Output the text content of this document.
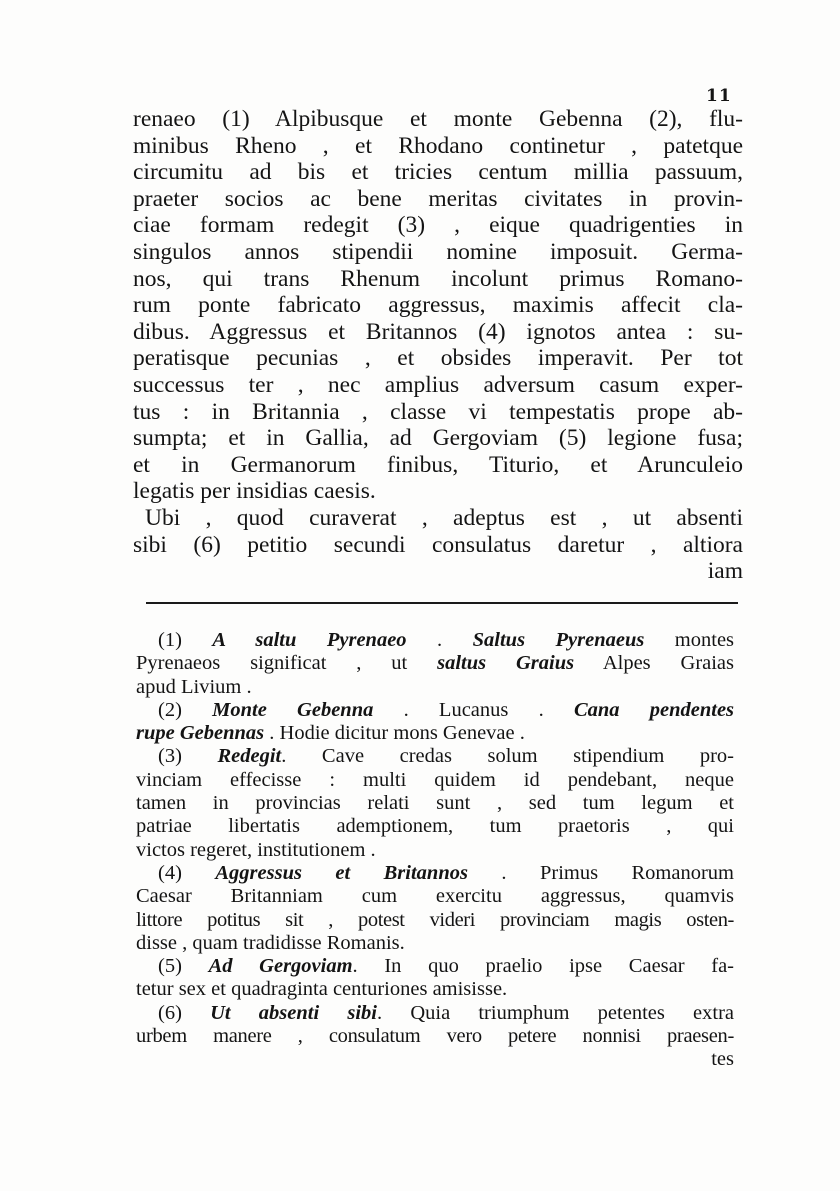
11
renaeo (1) Alpibusque et monte Gebenna (2), flu-
minibus Rheno , et Rhodano continetur , patetque
circumitu ad bis et tricies centum millia passuum,
praeter socios ac bene meritas civitates in provin-
ciae formam redegit (3) , eique quadrigenties in
singulos annos stipendii nomine imposuit. Germa-
nos, qui trans Rhenum incolunt primus Romano-
rum ponte fabricato aggressus, maximis affecit cla-
dibus. Aggressus et Britannos (4) ignotos antea : su-
peratisque pecunias , et obsides imperavit. Per tot
successus ter , nec amplius adversum casum exper-
tus : in Britannia , classe vi tempestatis prope ab-
sumpta; et in Gallia, ad Gergoviam (5) legione fusa;
et in Germanorum finibus, Titurio, et Arunculeio
legatis per insidias caesis.
Ubi , quod curaverat , adeptus est , ut absenti
sibi (6) petitio secundi consulatus daretur , altiora
iam
(1) A saltu Pyrenaeo . Saltus Pyrenaeus montes
Pyrenaeos significat , ut saltus Graius Alpes Graias
apud Livium .
(2) Monte Gebenna . Lucanus . Cana pendentes
rupe Gebennas . Hodie dicitur mons Genevae .
(3) Redegit. Cave credas solum stipendium pro-
vinciam effecisse : multi quidem id pendebant, neque
tamen in provincias relati sunt , sed tum legum et
patriae libertatis ademptionem, tum praetoris , qui
victos regeret, institutionem .
(4) Aggressus et Britannos . Primus Romanorum
Caesar Britanniam cum exercitu aggressus, quamvis
littore potitus sit , potest videri provinciam magis osten-
disse , quam tradidisse Romanis.
(5) Ad Gergoviam. In quo praelio ipse Caesar fa-
tetur sex et quadraginta centuriones amisisse.
(6) Ut absenti sibi. Quia triumphum petentes extra
urbem manere , consulatum vero petere nonnisi praesen-
tes
